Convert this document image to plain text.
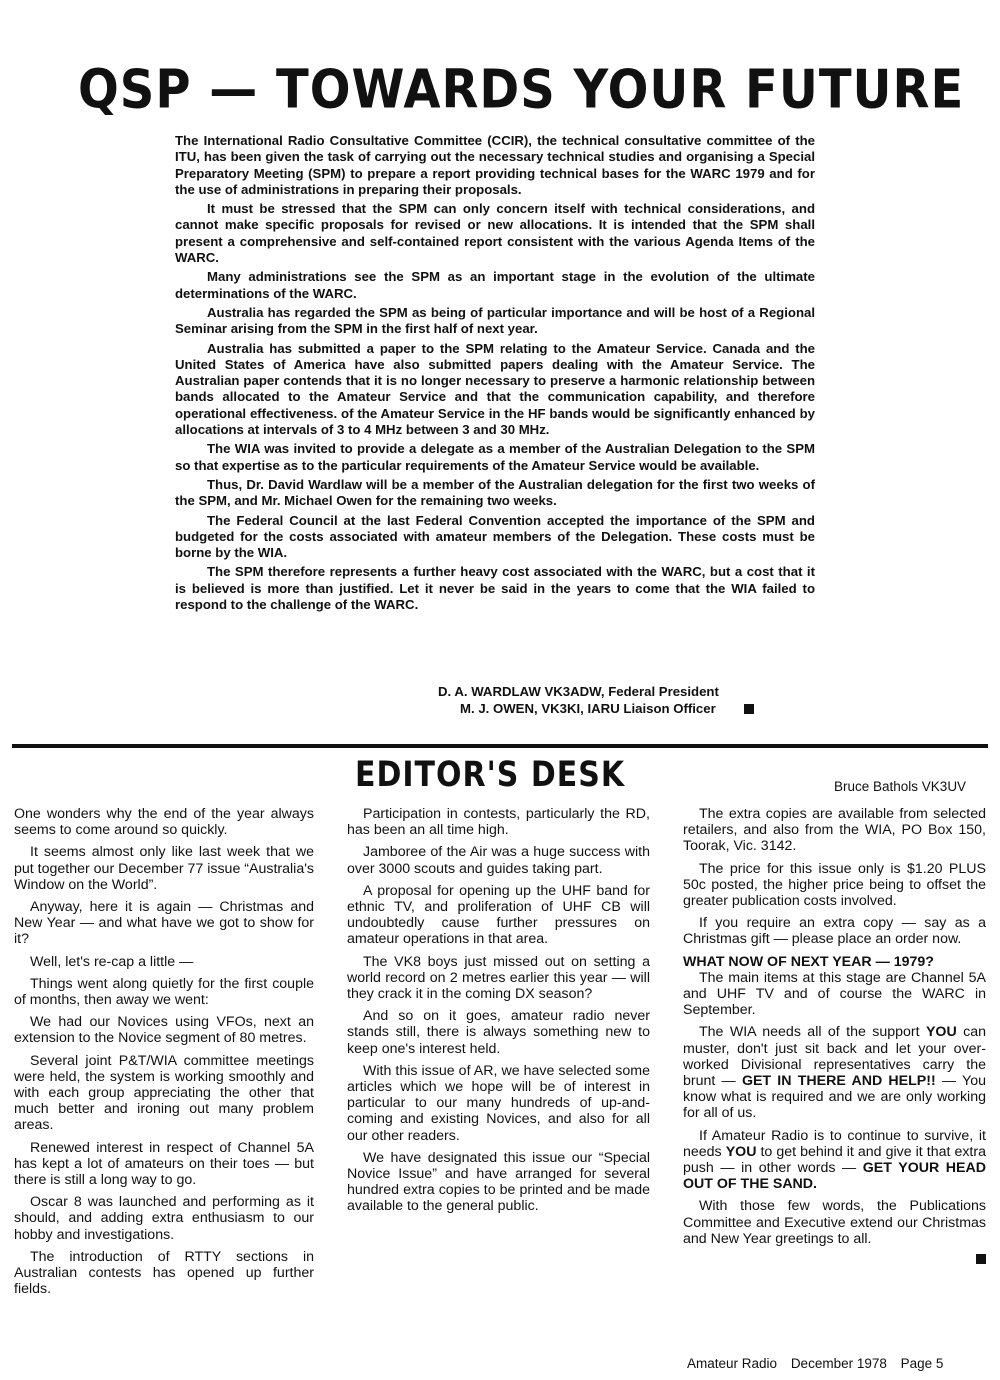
QSP — TOWARDS YOUR FUTURE

The International Radio Consultative Committee (CCIR), the technical consultative committee of the ITU, has been given the task of carrying out the necessary technical studies and organising a Special Preparatory Meeting (SPM) to prepare a report providing technical bases for the WARC 1979 and for the use of administrations in preparing their proposals.

It must be stressed that the SPM can only concern itself with technical considerations, and cannot make specific proposals for revised or new allocations. It is intended that the SPM shall present a comprehensive and self-contained report consistent with the various Agenda Items of the WARC.

Many administrations see the SPM as an important stage in the evolution of the ultimate determinations of the WARC.

Australia has regarded the SPM as being of particular importance and will be host of a Regional Seminar arising from the SPM in the first half of next year.

Australia has submitted a paper to the SPM relating to the Amateur Service. Canada and the United States of America have also submitted papers dealing with the Amateur Service. The Australian paper contends that it is no longer necessary to preserve a harmonic relationship between bands allocated to the Amateur Service and that the communication capability, and therefore operational effectiveness. of the Amateur Service in the HF bands would be significantly enhanced by allocations at intervals of 3 to 4 MHz between 3 and 30 MHz.

The WIA was invited to provide a delegate as a member of the Australian Delegation to the SPM so that expertise as to the particular requirements of the Amateur Service would be available.

Thus, Dr. David Wardlaw will be a member of the Australian delegation for the first two weeks of the SPM, and Mr. Michael Owen for the remaining two weeks.

The Federal Council at the last Federal Convention accepted the importance of the SPM and budgeted for the costs associated with amateur members of the Delegation. These costs must be borne by the WIA.

The SPM therefore represents a further heavy cost associated with the WARC, but a cost that it is believed is more than justified. Let it never be said in the years to come that the WIA failed to respond to the challenge of the WARC.

D. A. WARDLAW VK3ADW, Federal President
M. J. OWEN, VK3KI, IARU Liaison Officer
EDITOR'S DESK	Bruce Bathols VK3UV

One wonders why the end of the year always seems to come around so quickly.

It seems almost only like last week that we put together our December 77 issue “Australia's Window on the World”.

Anyway, here it is again — Christmas and New Year — and what have we got to show for it?

Well, let's re-cap a little —

Things went along quietly for the first couple of months, then away we went:

We had our Novices using VFOs, next an extension to the Novice segment of 80 metres.

Several joint P&T/WIA committee meetings were held, the system is working smoothly and with each group appreciating the other that much better and ironing out many problem areas.

Renewed interest in respect of Channel 5A has kept a lot of amateurs on their toes — but there is still a long way to go.

Oscar 8 was launched and performing as it should, and adding extra enthusiasm to our hobby and investigations.

The introduction of RTTY sections in Australian contests has opened up further fields.

Participation in contests, particularly the RD, has been an all time high.

Jamboree of the Air was a huge success with over 3000 scouts and guides taking part.

A proposal for opening up the UHF band for ethnic TV, and proliferation of UHF CB will undoubtedly cause further pressures on amateur operations in that area.

The VK8 boys just missed out on setting a world record on 2 metres earlier this year — will they crack it in the coming DX season?

And so on it goes, amateur radio never stands still, there is always something new to keep one's interest held.

With this issue of AR, we have selected some articles which we hope will be of interest in particular to our many hundreds of up-and-coming and existing Novices, and also for all our other readers.

We have designated this issue our “Special Novice Issue” and have arranged for several hundred extra copies to be printed and be made available to the general public.

The extra copies are available from selected retailers, and also from the WIA, PO Box 150, Toorak, Vic. 3142.

The price for this issue only is $1.20 PLUS 50c posted, the higher price being to offset the greater publication costs involved.

If you require an extra copy — say as a Christmas gift — please place an order now.

WHAT NOW OF NEXT YEAR — 1979?

The main items at this stage are Channel 5A and UHF TV and of course the WARC in September.

The WIA needs all of the support YOU can muster, don't just sit back and let your over-worked Divisional representatives carry the brunt — GET IN THERE AND HELP!! — You know what is required and we are only working for all of us.

If Amateur Radio is to continue to survive, it needs YOU to get behind it and give it that extra push — in other words — GET YOUR HEAD OUT OF THE SAND.

With those few words, the Publications Committee and Executive extend our Christmas and New Year greetings to all.

Amateur Radio December 1978 Page 5
